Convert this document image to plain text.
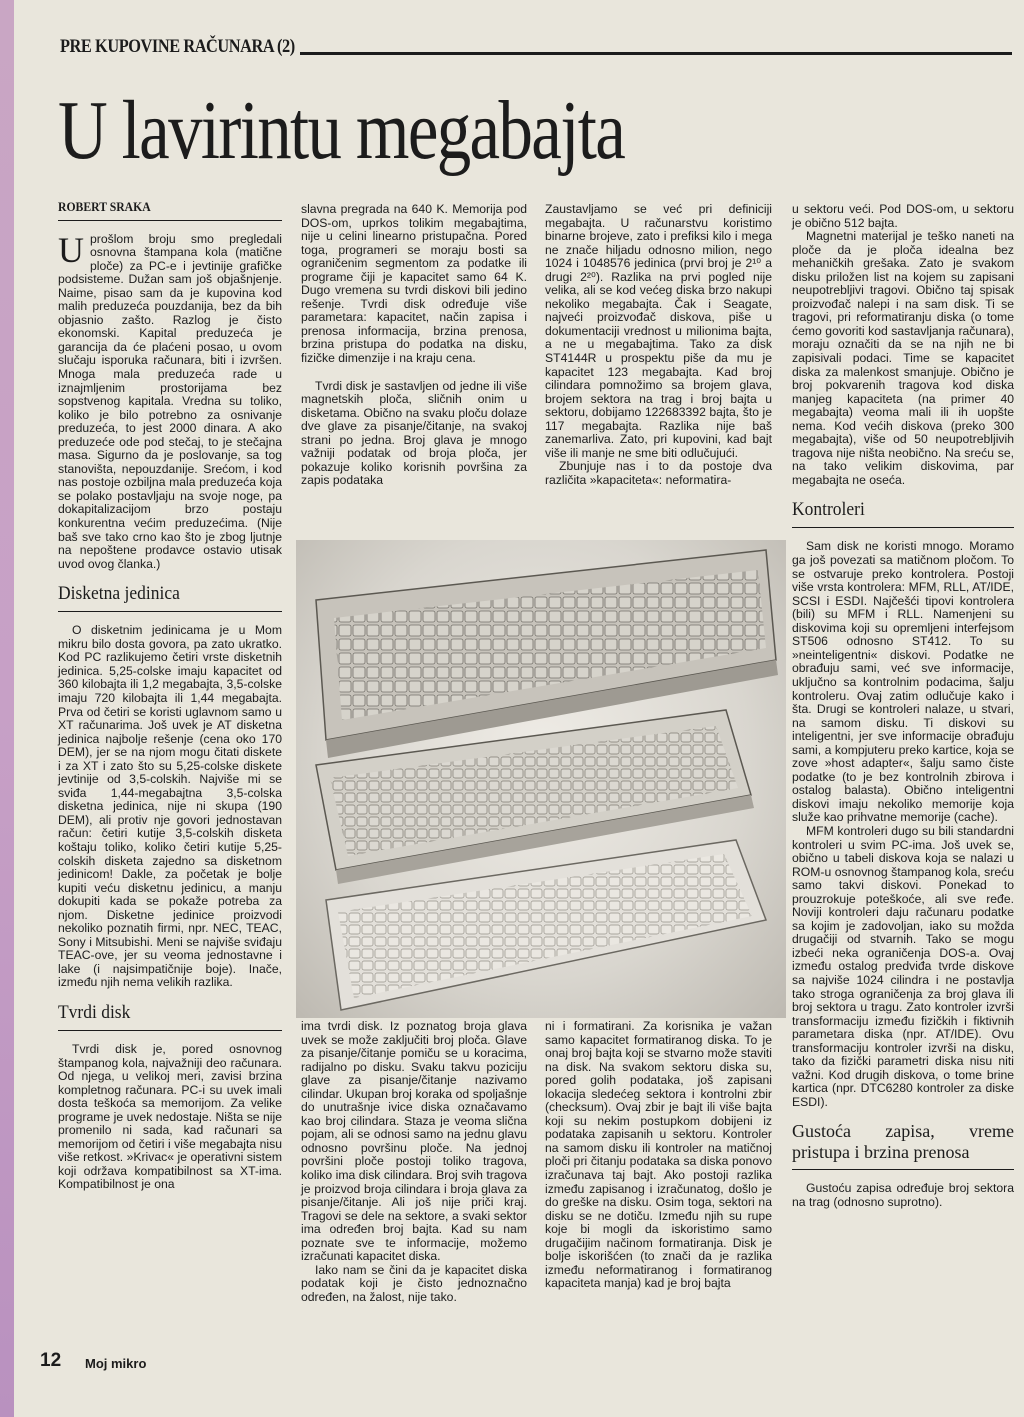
PRE KUPOVINE RAČUNARA (2)
U lavirintu megabajta
ROBERT SRAKA

Uprošlom broju smo pregledali osnovna štampana kola (matične ploče) za PC-e i jevtinije grafičke podsisteme. Dužan sam još objašnjenje. Naime, pisao sam da je kupovina kod malih preduzeća pouzdanija, bez da bih objasnio zašto. Razlog je čisto ekonomski. Kapital preduzeća je garancija da će plaćeni posao, u ovom slučaju isporuka računara, biti i izvršen. Mnoga mala preduzeća rade u iznajmljenim prostorijama bez sopstvenog kapitala. Vredna su toliko, koliko je bilo potrebno za osnivanje preduzeća, to jest 2000 dinara. A ako preduzeće ode pod stečaj, to je stečajna masa. Sigurno da je poslovanje, sa tog stanovišta, nepouzdanije. Srećom, i kod nas postoje ozbiljna mala preduzeća koja se polako postavljaju na svoje noge, pa dokapitalizacijom brzo postaju konkurentna većim preduzećima. (Nije baš sve tako crno kao što je zbog ljutnje na nepoštene prodavce ostavio utisak uvod ovog članka.)

Disketna jedinica

O disketnim jedinicama je u Mom mikru bilo dosta govora, pa zato ukratko. Kod PC razlikujemo četiri vrste disketnih jedinica. 5,25-colske imaju kapacitet od 360 kilobajta ili 1,2 megabajta, 3,5-colske imaju 720 kilobajta ili 1,44 megabajta. Prva od četiri se koristi uglavnom samo u XT računarima. Još uvek je AT disketna jedinica najbolje rešenje (cena oko 170 DEM), jer se na njom mogu čitati diskete i za XT i zato što su 5,25-colske diskete jevtinije od 3,5-colskih. Najviše mi se sviđa 1,44-megabajtna 3,5-colska disketna jedinica, nije ni skupa (190 DEM), ali protiv nje govori jednostavan račun: četiri kutije 3,5-colskih disketa koštaju toliko, koliko četiri kutije 5,25-colskih disketa zajedno sa disketnom jedinicom! Dakle, za početak je bolje kupiti veću disketnu jedinicu, a manju dokupiti kada se pokaže potreba za njom. Disketne jedinice proizvodi nekoliko poznatih firmi, npr. NEC, TEAC, Sony i Mitsubishi. Meni se najviše sviđaju TEAC-ove, jer su veoma jednostavne i lake (i najsimpatičnije boje). Inače, između njih nema velikih razlika.

Tvrdi disk

Tvrdi disk je, pored osnovnog štampanog kola, najvažniji deo računara. Od njega, u velikoj meri, zavisi brzina kompletnog računara. PC-i su uvek imali dosta teškoća sa memorijom. Za velike programe je uvek nedostaje. Ništa se nije promenilo ni sada, kad računari sa memorijom od četiri i više megabajta nisu više retkost. »Krivac« je operativni sistem koji održava kompatibilnost sa XT-ima. Kompatibilnost je ona

slavna pregrada na 640 K. Memorija pod DOS-om, uprkos tolikim megabajtima, nije u celini linearno pristupačna. Pored toga, programeri se moraju bosti sa ograničenim segmentom za podatke ili programe čiji je kapacitet samo 64 K. Dugo vremena su tvrdi diskovi bili jedino rešenje. Tvrdi disk određuje više parametara: kapacitet, način zapisa i prenosa informacija, brzina prenosa, brzina pristupa do podatka na disku, fizičke dimenzije i na kraju cena.

Tvrdi disk je sastavljen od jedne ili više magnetskih ploča, sličnih onim u disketama. Obično na svaku ploču dolaze dve glave za pisanje/čitanje, na svakoj strani po jedna. Broj glava je mnogo važniji podatak od broja ploča, jer pokazuje koliko korisnih površina za zapis podataka

Zaustavljamo se već pri definiciji megabajta. U računarstvu koristimo binarne brojeve, zato i prefiksi kilo i mega ne znače hiljadu odnosno milion, nego 1024 i 1048576 jedinica (prvi broj je 2¹⁰ a drugi 2²⁰). Razlika na prvi pogled nije velika, ali se kod većeg diska brzo nakupi nekoliko megabajta. Čak i Seagate, najveći proizvođač diskova, piše u dokumentaciji vrednost u milionima bajta, a ne u megabajtima. Tako za disk ST4144R u prospektu piše da mu je kapacitet 123 megabajta. Kad broj cilindara pomnožimo sa brojem glava, brojem sektora na trag i broj bajta u sektoru, dobijamo 122683392 bajta, što je 117 megabajta. Razlika nije baš zanemarliva. Zato, pri kupovini, kad bajt više ili manje ne sme biti odlučujući.

Zbunjuje nas i to da postoje dva različita »kapaciteta«: neformatira-

ima tvrdi disk. Iz poznatog broja glava uvek se može zaključiti broj ploča. Glave za pisanje/čitanje pomiču se u koracima, radijalno po disku. Svaku takvu poziciju glave za pisanje/čitanje nazivamo cilindar. Ukupan broj koraka od spoljašnje do unutrašnje ivice diska označavamo kao broj cilindara. Staza je veoma slična pojam, ali se odnosi samo na jednu glavu odnosno površinu ploče. Na jednoj površini ploče postoji toliko tragova, koliko ima disk cilindara. Broj svih tragova je proizvod broja cilindara i broja glava za pisanje/čitanje. Ali još nije priči kraj. Tragovi se dele na sektore, a svaki sektor ima određen broj bajta. Kad su nam poznate sve te informacije, možemo izračunati kapacitet diska.

Iako nam se čini da je kapacitet diska podatak koji je čisto jednoznačno određen, na žalost, nije tako.

ni i formatirani. Za korisnika je važan samo kapacitet formatiranog diska. To je onaj broj bajta koji se stvarno može staviti na disk. Na svakom sektoru diska su, pored golih podataka, još zapisani lokacija sledećeg sektora i kontrolni zbir (checksum). Ovaj zbir je bajt ili više bajta koji su nekim postupkom dobijeni iz podataka zapisanih u sektoru. Kontroler na samom disku ili kontroler na matičnoj ploči pri čitanju podataka sa diska ponovo izračunava taj bajt. Ako postoji razlika između zapisanog i izračunatog, došlo je do greške na disku. Osim toga, sektori na disku se ne dotiču. Između njih su rupe koje bi mogli da iskoristimo samo drugačijim načinom formatiranja. Disk je bolje iskorišćen (to znači da je razlika između neformatiranog i formatiranog kapaciteta manja) kad je broj bajta

u sektoru veći. Pod DOS-om, u sektoru je obično 512 bajta.

Magnetni materijal je teško naneti na ploče da je ploča idealna bez mehaničkih grešaka. Zato je svakom disku priložen list na kojem su zapisani neupotrebljivi tragovi. Obično taj spisak proizvođač nalepi i na sam disk. Ti se tragovi, pri reformatiranju diska (o tome ćemo govoriti kod sastavljanja računara), moraju označiti da se na njih ne bi zapisivali podaci. Time se kapacitet diska za malenkost smanjuje. Obično je broj pokvarenih tragova kod diska manjeg kapaciteta (na primer 40 megabajta) veoma mali ili ih uopšte nema. Kod većih diskova (preko 300 megabajta), više od 50 neupotrebljivih tragova nije ništa neobično. Na sreću se, na tako velikim diskovima, par megabajta ne oseća.

Kontroleri

Sam disk ne koristi mnogo. Moramo ga još povezati sa matičnom pločom. To se ostvaruje preko kontrolera. Postoji više vrsta kontrolera: MFM, RLL, AT/IDE, SCSI i ESDI. Najčešći tipovi kontrolera (bili) su MFM i RLL. Namenjeni su diskovima koji su opremljeni interfejsom ST506 odnosno ST412. To su »neinteligentni« diskovi. Podatke ne obrađuju sami, već sve informacije, uključno sa kontrolnim podacima, šalju kontroleru. Ovaj zatim odlučuje kako i šta. Drugi se kontroleri nalaze, u stvari, na samom disku. Ti diskovi su inteligentni, jer sve informacije obrađuju sami, a kompjuteru preko kartice, koja se zove »host adapter«, šalju samo čiste podatke (to je bez kontrolnih zbirova i ostalog balasta). Obično inteligentni diskovi imaju nekoliko memorije koja služe kao prihvatne memorije (cache).

MFM kontroleri dugo su bili standardni kontroleri u svim PC-ima. Još uvek se, obično u tabeli diskova koja se nalazi u ROM-u osnovnog štampanog kola, sreću samo takvi diskovi. Ponekad to prouzrokuje poteškoće, ali sve ređe. Noviji kontroleri daju računaru podatke sa kojim je zadovoljan, iako su možda drugačiji od stvarnih. Tako se mogu izbeći neka ograničenja DOS-a. Ovaj između ostalog predviđa tvrde diskove sa najviše 1024 cilindra i ne postavlja tako stroga ograničenja za broj glava ili broj sektora u tragu. Zato kontroler izvrši transformaciju između fizičkih i fiktivnih parametara diska (npr. AT/IDE). Ovu transformaciju kontroler izvrši na disku, tako da fizički parametri diska nisu niti važni. Kod drugih diskova, o tome brine kartica (npr. DTC6280 kontroler za diske ESDI).

Gustoća zapisa, vreme pristupa i brzina prenosa

Gustoću zapisa određuje broj sektora na trag (odnosno suprotno).

12 Moj mikro
